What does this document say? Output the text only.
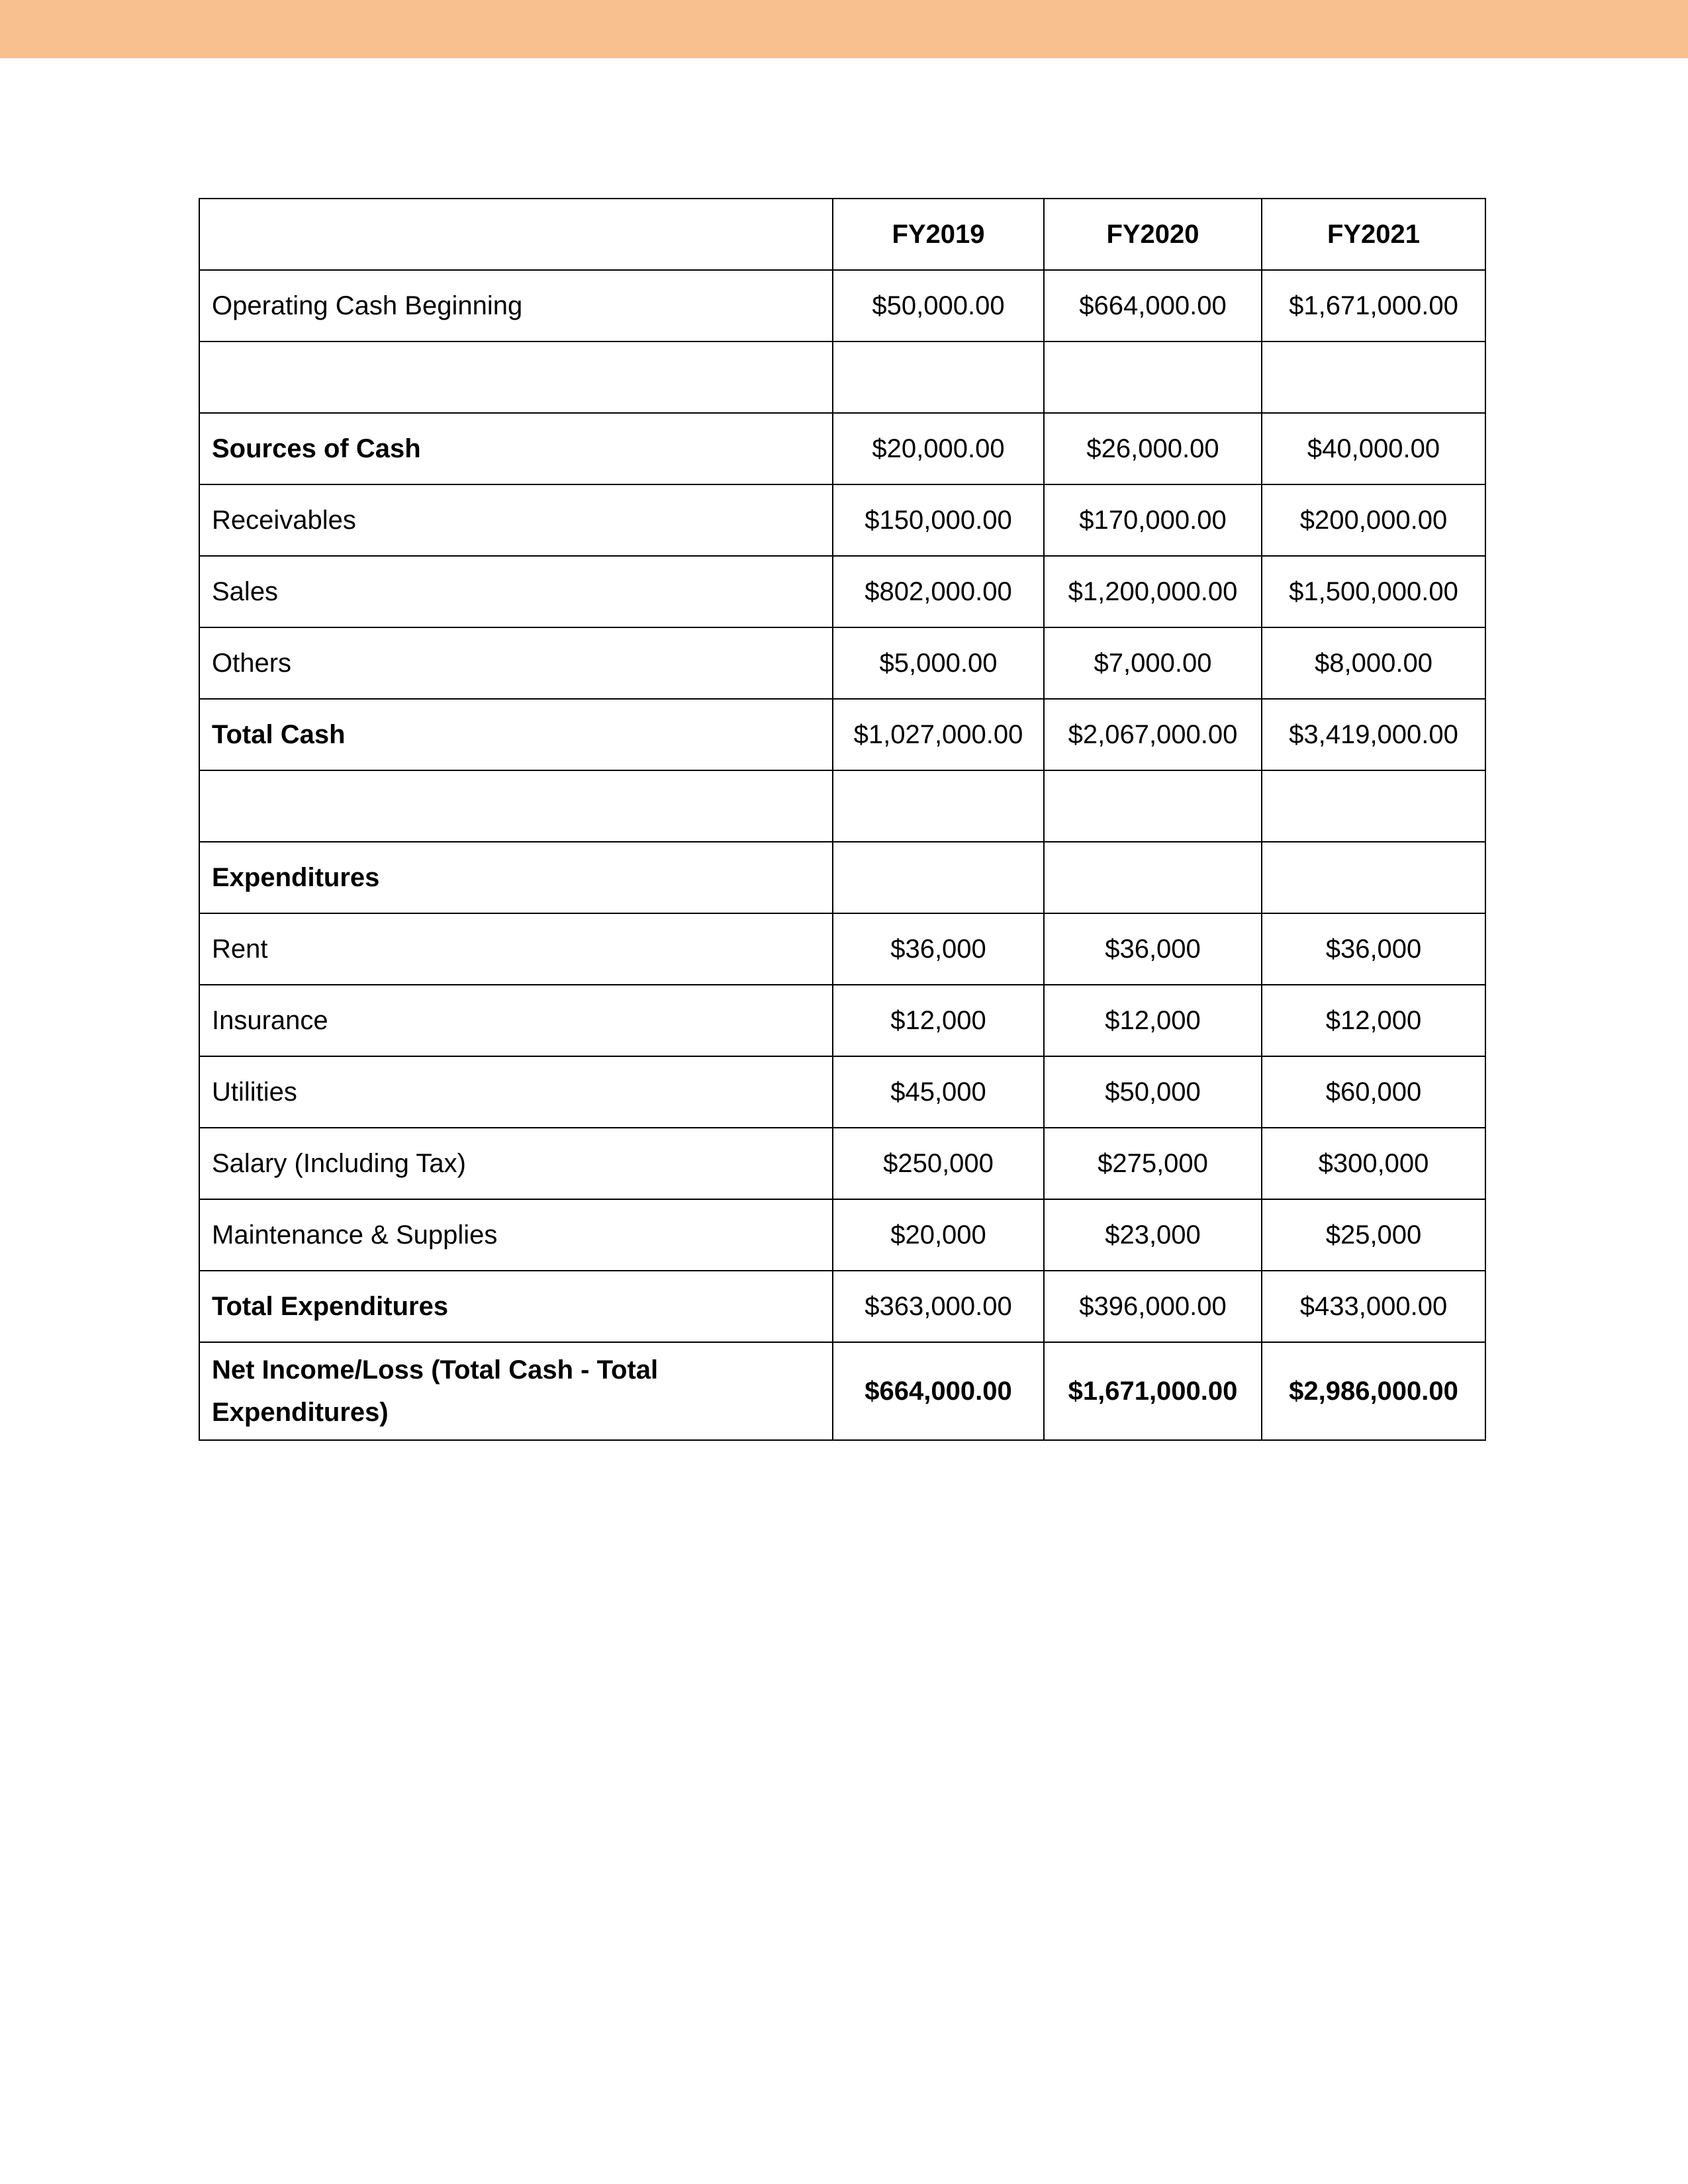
	FY2019	FY2020	FY2021
Operating Cash Beginning	$50,000.00	$664,000.00	$1,671,000.00

Sources of Cash	$20,000.00	$26,000.00	$40,000.00
Receivables	$150,000.00	$170,000.00	$200,000.00
Sales	$802,000.00	$1,200,000.00	$1,500,000.00
Others	$5,000.00	$7,000.00	$8,000.00
Total Cash	$1,027,000.00	$2,067,000.00	$3,419,000.00

Expenditures			
Rent	$36,000	$36,000	$36,000
Insurance	$12,000	$12,000	$12,000
Utilities	$45,000	$50,000	$60,000
Salary (Including Tax)	$250,000	$275,000	$300,000
Maintenance & Supplies	$20,000	$23,000	$25,000
Total Expenditures	$363,000.00	$396,000.00	$433,000.00
Net Income/Loss (Total Cash - Total Expenditures)	$664,000.00	$1,671,000.00	$2,986,000.00
